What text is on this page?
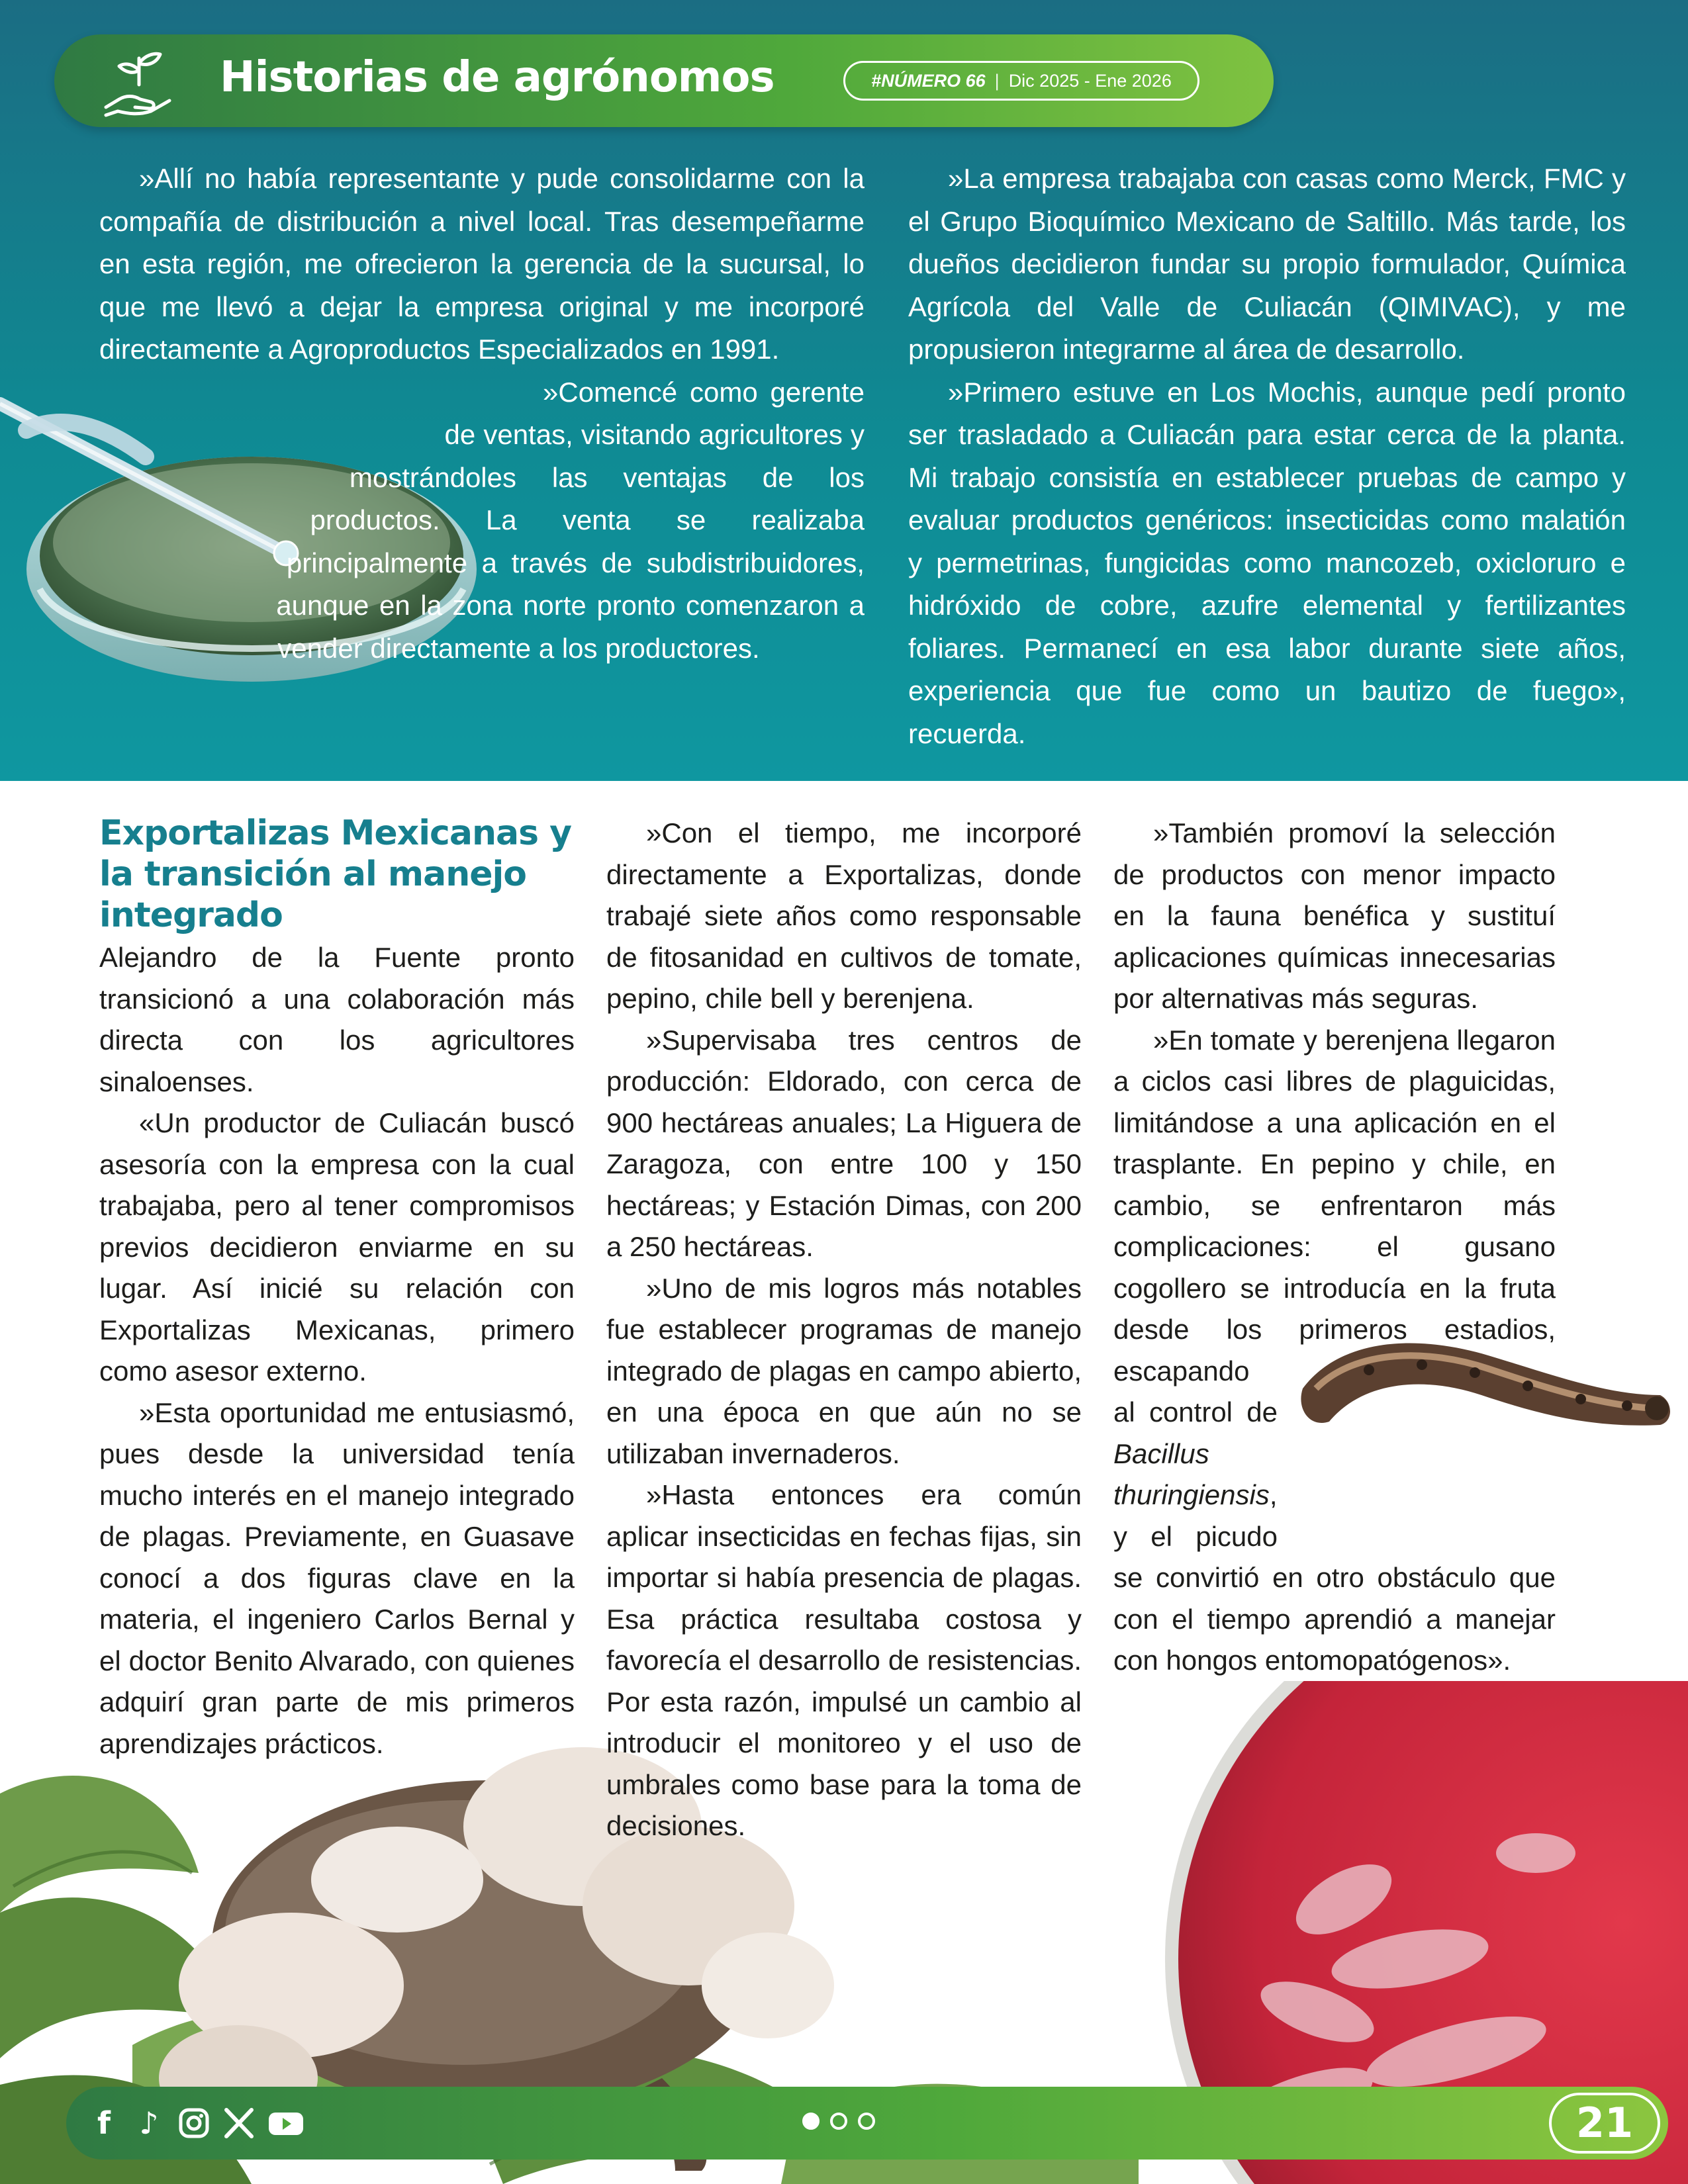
Historias de agrónomos	#NÚMERO 66 | Dic 2025 - Ene 2026

»Allí no había representante y pude consolidarme con la compañía de distribución a nivel local. Tras desempeñarme en esta región, me ofrecieron la gerencia de la sucursal, lo que me llevó a dejar la empresa original y me incorporé directamente a Agroproductos Especializados en 1991.

»Comencé como gerente de ventas, visitando agricultores y mostrándoles las ventajas de los productos. La venta se realizaba principalmente a través de subdistribuidores, aunque en la zona norte pronto comenzaron a vender directamente a los productores.

»La empresa trabajaba con casas como Merck, FMC y el Grupo Bioquímico Mexicano de Saltillo. Más tarde, los dueños decidieron fundar su propio formulador, Química Agrícola del Valle de Culiacán (QIMIVAC), y me propusieron integrarme al área de desarrollo.

»Primero estuve en Los Mochis, aunque pedí pronto ser trasladado a Culiacán para estar cerca de la planta. Mi trabajo consistía en establecer pruebas de campo y evaluar productos genéricos: insecticidas como malatión y permetrinas, fungicidas como mancozeb, oxicloruro e hidróxido de cobre, azufre elemental y fertilizantes foliares. Permanecí en esa labor durante siete años, experiencia que fue como un bautizo de fuego», recuerda.

Exportalizas Mexicanas y la transición al manejo integrado

Alejandro de la Fuente pronto transicionó a una colaboración más directa con los agricultores sinaloenses.

«Un productor de Culiacán buscó asesoría con la empresa con la cual trabajaba, pero al tener compromisos previos decidieron enviarme en su lugar. Así inicié su relación con Exportalizas Mexicanas, primero como asesor externo.

»Esta oportunidad me entusiasmó, pues desde la universidad tenía mucho interés en el manejo integrado de plagas. Previamente, en Guasave conocí a dos figuras clave en la materia, el ingeniero Carlos Bernal y el doctor Benito Alvarado, con quienes adquirí gran parte de mis primeros aprendizajes prácticos.

»Con el tiempo, me incorporé directamente a Exportalizas, donde trabajé siete años como responsable de fitosanidad en cultivos de tomate, pepino, chile bell y berenjena.

»Supervisaba tres centros de producción: Eldorado, con cerca de 900 hectáreas anuales; La Higuera de Zaragoza, con entre 100 y 150 hectáreas; y Estación Dimas, con 200 a 250 hectáreas.

»Uno de mis logros más notables fue establecer programas de manejo integrado de plagas en campo abierto, en una época en que aún no se utilizaban invernaderos.

»Hasta entonces era común aplicar insecticidas en fechas fijas, sin importar si había presencia de plagas. Esa práctica resultaba costosa y favorecía el desarrollo de resistencias. Por esta razón, impulsé un cambio al introducir el monitoreo y el uso de umbrales como base para la toma de decisiones.

»También promoví la selección de productos con menor impacto en la fauna benéfica y sustituí aplicaciones químicas innecesarias por alternativas más seguras.

»En tomate y berenjena llegaron a ciclos casi libres de plaguicidas, limitándose a una aplicación en el trasplante. En pepino y chile, en cambio, se enfrentaron más complicaciones: el gusano cogollero se introducía en la fruta desde los primeros estadios, escapando al control de Bacillus thuringiensis, y el picudo se convirtió en otro obstáculo que con el tiempo aprendió a manejar con hongos entomopatógenos».

f ♪	21
